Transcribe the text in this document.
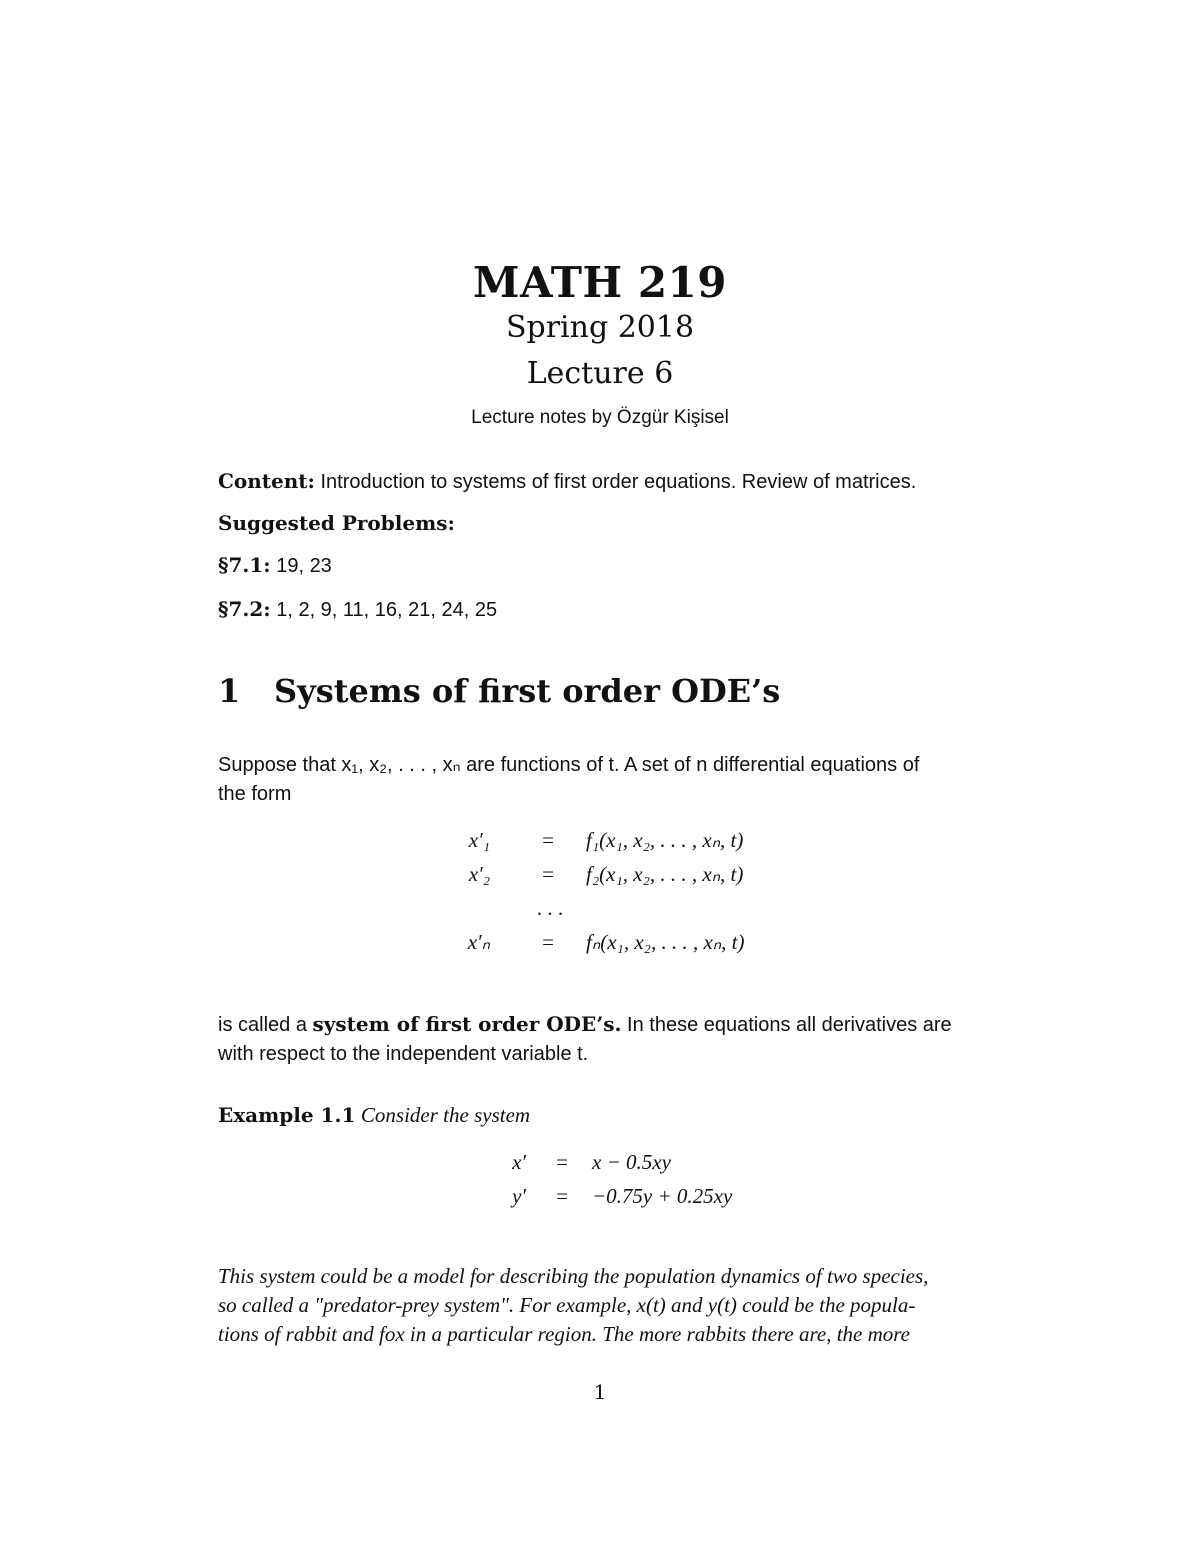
MATH 219
Spring 2018
Lecture 6
Lecture notes by Özgür Kişisel
Content: Introduction to systems of first order equations. Review of matrices.
Suggested Problems:
§7.1: 19, 23
§7.2: 1, 2, 9, 11, 16, 21, 24, 25
1 Systems of first order ODE’s
Suppose that x₁, x₂, . . . , xₙ are functions of t. A set of n differential equations of
the form
x′₁	=	f₁(x₁, x₂, . . . , xₙ, t)
x′₂	=	f₂(x₁, x₂, . . . , xₙ, t)
. . .
x′ₙ	=	fₙ(x₁, x₂, . . . , xₙ, t)
is called a system of first order ODE’s. In these equations all derivatives are
with respect to the independent variable t.
Example 1.1 Consider the system
x′	=	x − 0.5xy
y′	=	−0.75y + 0.25xy
This system could be a model for describing the population dynamics of two species,
so called a "predator-prey system". For example, x(t) and y(t) could be the popula-
tions of rabbit and fox in a particular region. The more rabbits there are, the more
1
